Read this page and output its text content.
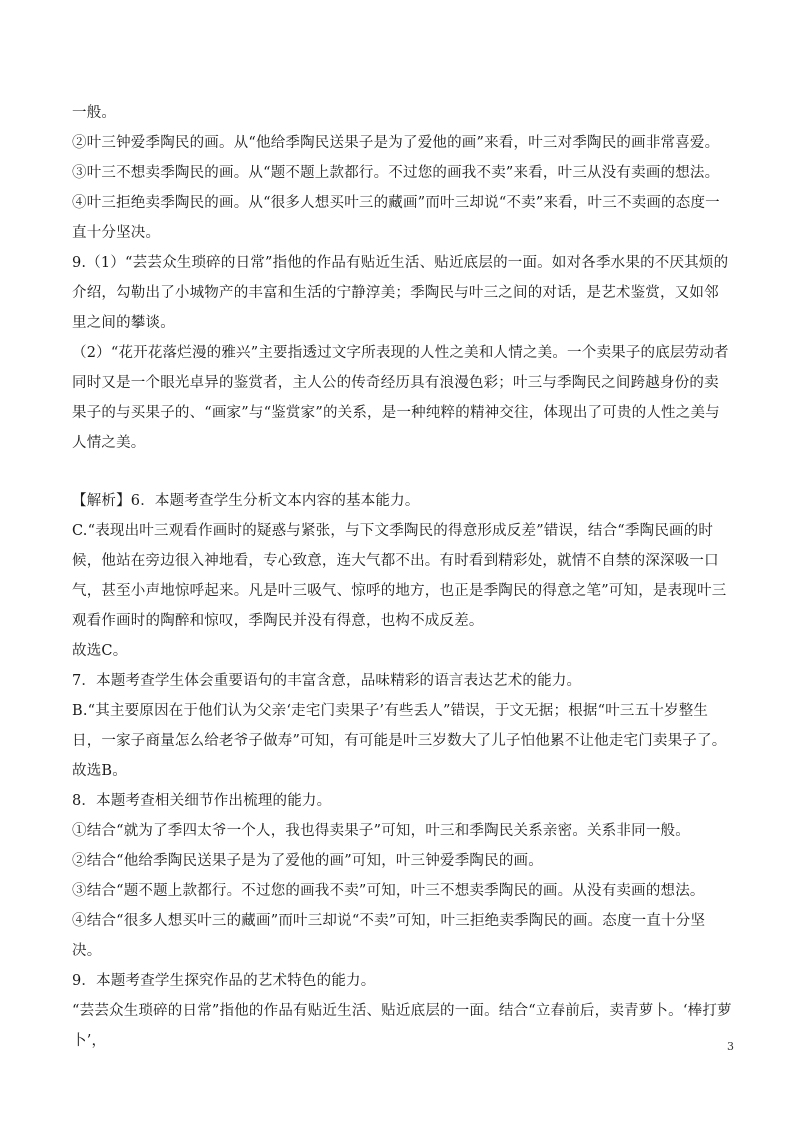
一般。

②叶三钟爱季陶民的画。从“他给季陶民送果子是为了爱他的画”来看，叶三对季陶民的画非常喜爱。

③叶三不想卖季陶民的画。从“题不题上款都行。不过您的画我不卖”来看，叶三从没有卖画的想法。

④叶三拒绝卖季陶民的画。从“很多人想买叶三的藏画”而叶三却说“不卖”来看，叶三不卖画的态度一直十分坚决。

9.（1）“芸芸众生琐碎的日常”指他的作品有贴近生活、贴近底层的一面。如对各季水果的不厌其烦的介绍，勾勒出了小城物产的丰富和生活的宁静淳美；季陶民与叶三之间的对话，是艺术鉴赏，又如邻里之间的攀谈。

（2）“花开花落烂漫的雅兴”主要指透过文字所表现的人性之美和人情之美。一个卖果子的底层劳动者同时又是一个眼光卓异的鉴赏者，主人公的传奇经历具有浪漫色彩；叶三与季陶民之间跨越身份的卖果子的与买果子的、“画家”与“鉴赏家”的关系，是一种纯粹的精神交往，体现出了可贵的人性之美与人情之美。

【解析】6．本题考查学生分析文本内容的基本能力。

C.“表现出叶三观看作画时的疑惑与紧张，与下文季陶民的得意形成反差”错误，结合“季陶民画的时候，他站在旁边很入神地看，专心致意，连大气都不出。有时看到精彩处，就情不自禁的深深吸一口气，甚至小声地惊呼起来。凡是叶三吸气、惊呼的地方，也正是季陶民的得意之笔”可知，是表现叶三观看作画时的陶醉和惊叹，季陶民并没有得意，也构不成反差。

故选C。

7．本题考查学生体会重要语句的丰富含意，品味精彩的语言表达艺术的能力。

B.“其主要原因在于他们认为父亲‘走宅门卖果子’有些丢人”错误，于文无据；根据“叶三五十岁整生日，一家子商量怎么给老爷子做寿”可知，有可能是叶三岁数大了儿子怕他累不让他走宅门卖果子了。

故选B。

8．本题考查相关细节作出梳理的能力。

①结合“就为了季四太爷一个人，我也得卖果子”可知，叶三和季陶民关系亲密。关系非同一般。

②结合“他给季陶民送果子是为了爱他的画”可知，叶三钟爱季陶民的画。

③结合“题不题上款都行。不过您的画我不卖”可知，叶三不想卖季陶民的画。从没有卖画的想法。

④结合“很多人想买叶三的藏画”而叶三却说“不卖”可知，叶三拒绝卖季陶民的画。态度一直十分坚决。

9．本题考查学生探究作品的艺术特色的能力。

“芸芸众生琐碎的日常”指他的作品有贴近生活、贴近底层的一面。结合“立春前后，卖青萝卜。‘棒打萝卜’，	3
